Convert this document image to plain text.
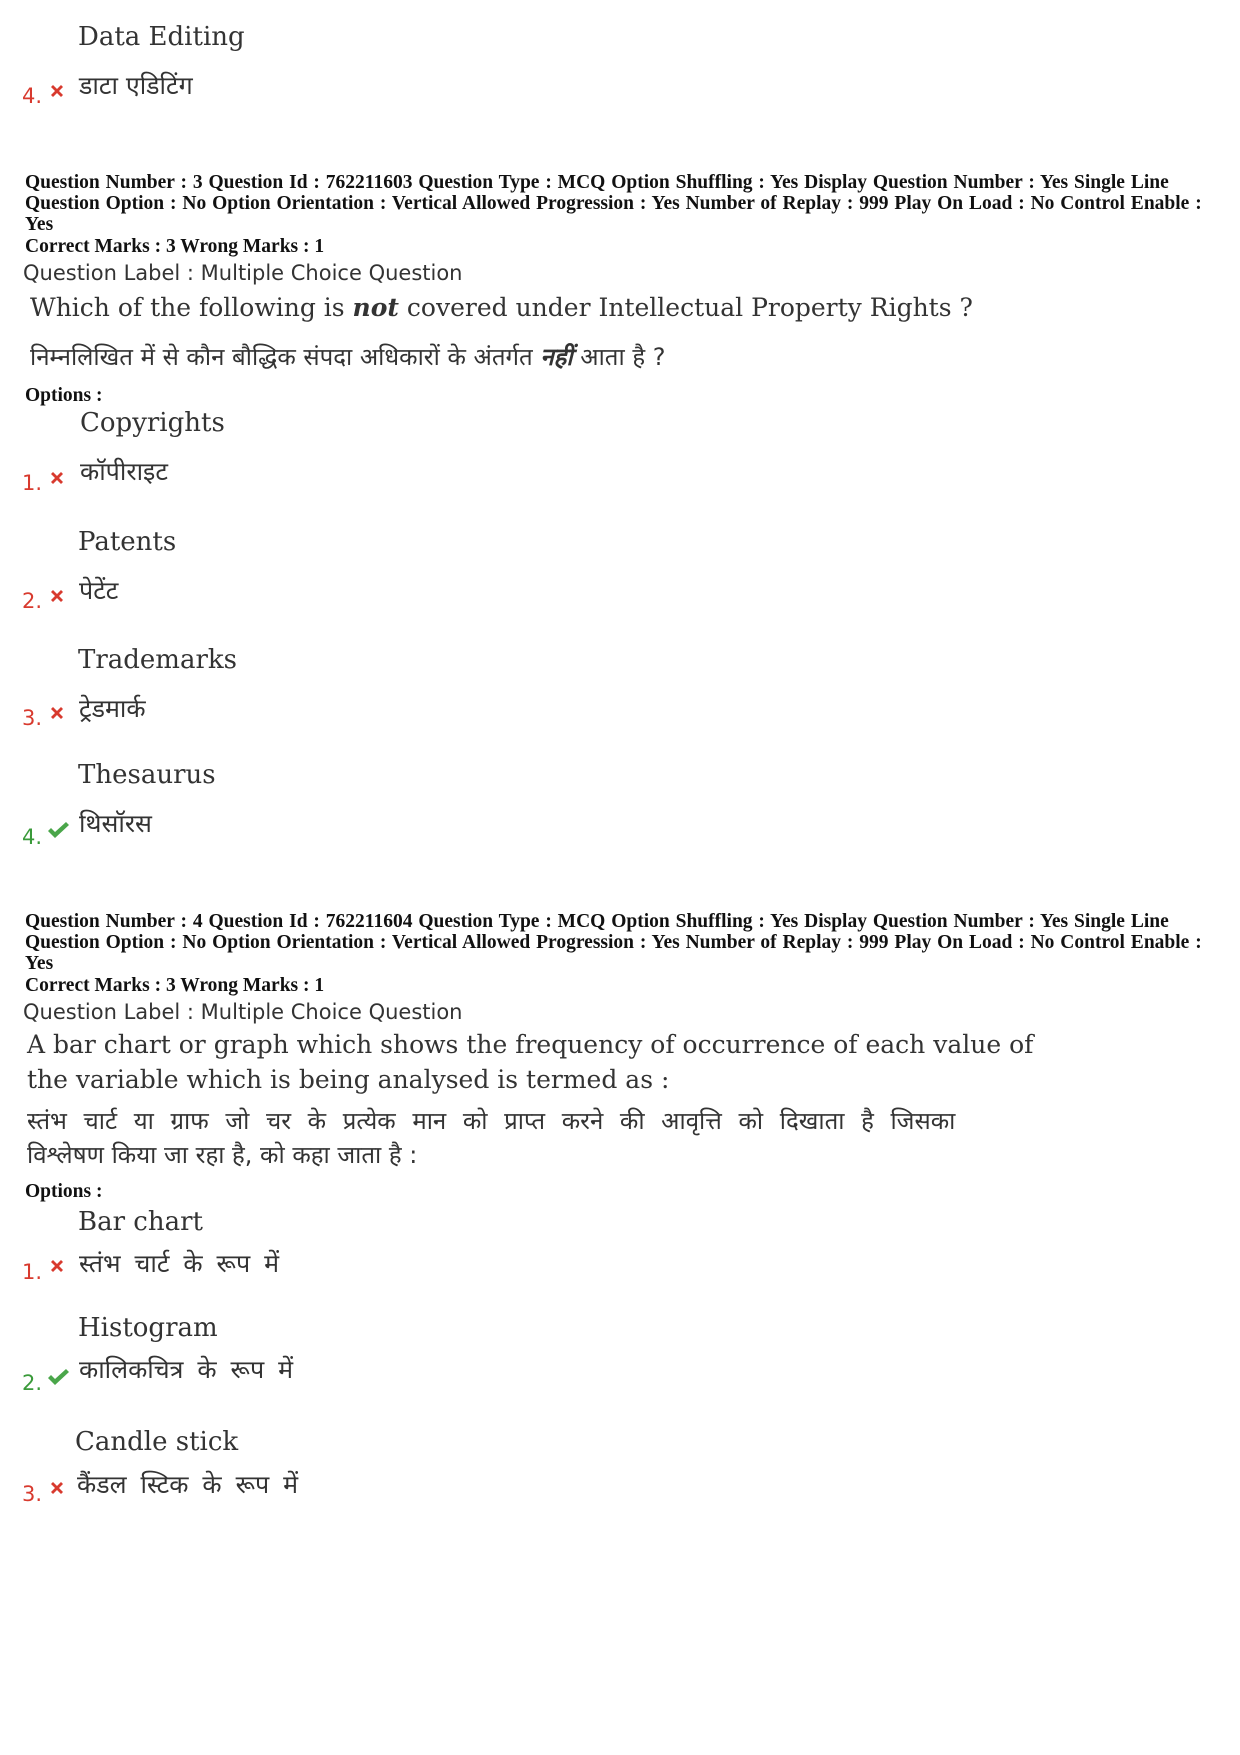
Data Editing
4. डाटा एडिटिंग
Question Number : 3 Question Id : 762211603 Question Type : MCQ Option Shuffling : Yes Display Question Number : Yes Single Line Question Option : No Option Orientation : Vertical Allowed Progression : Yes Number of Replay : 999 Play On Load : No Control Enable : Yes
Correct Marks : 3 Wrong Marks : 1
Question Label : Multiple Choice Question
Which of the following is not covered under Intellectual Property Rights ?
निम्नलिखित में से कौन बौद्धिक संपदा अधिकारों के अंतर्गत नहीं आता है ?
Options :
Copyrights
1. कॉपीराइट
Patents
2. पेटेंट
Trademarks
3. ट्रेडमार्क
Thesaurus
4. थिसॉरस
Question Number : 4 Question Id : 762211604 Question Type : MCQ Option Shuffling : Yes Display Question Number : Yes Single Line Question Option : No Option Orientation : Vertical Allowed Progression : Yes Number of Replay : 999 Play On Load : No Control Enable : Yes
Correct Marks : 3 Wrong Marks : 1
Question Label : Multiple Choice Question
A bar chart or graph which shows the frequency of occurrence of each value of
the variable which is being analysed is termed as :
स्तंभ चार्ट या ग्राफ जो चर के प्रत्येक मान को प्राप्त करने की आवृत्ति को दिखाता है जिसका
विश्लेषण किया जा रहा है, को कहा जाता है :
Options :
Bar chart
1. स्तंभ चार्ट के रूप में
Histogram
2. कालिकचित्र के रूप में
Candle stick
3. कैंडल स्टिक के रूप में
